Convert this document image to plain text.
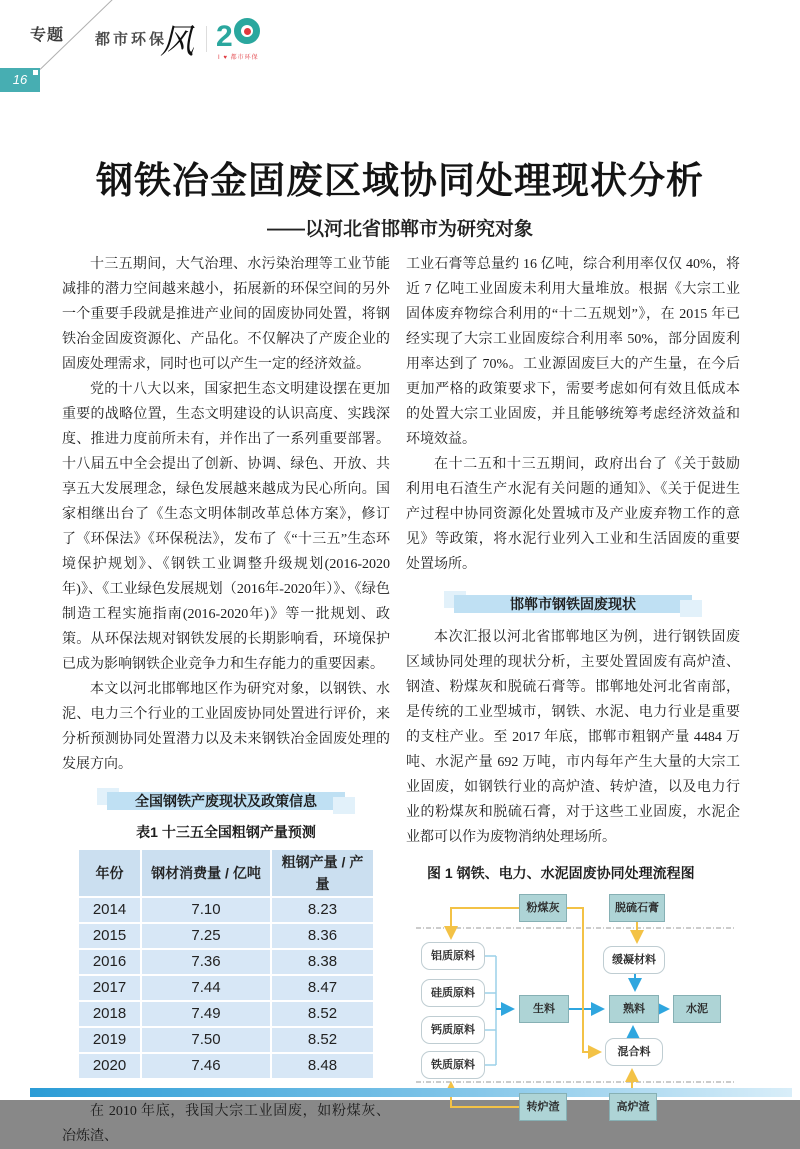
专题
16
都市环保
风 2
I ♥ 都市环保
钢铁冶金固废区域协同处理现状分析
——以河北省邯郸市为研究对象

十三五期间，大气治理、水污染治理等工业节能减排的潜力空间越来越小，拓展新的环保空间的另外一个重要手段就是推进产业间的固废协同处置，将钢铁冶金固废资源化、产品化。不仅解决了产废企业的固废处理需求，同时也可以产生一定的经济效益。

党的十八大以来，国家把生态文明建设摆在更加重要的战略位置，生态文明建设的认识高度、实践深度、推进力度前所未有，并作出了一系列重要部署。十八届五中全会提出了创新、协调、绿色、开放、共享五大发展理念，绿色发展越来越成为民心所向。国家相继出台了《生态文明体制改革总体方案》，修订了《环保法》《环保税法》，发布了《“十三五”生态环境保护规划》、《钢铁工业调整升级规划(2016-2020年)》、《工业绿色发展规划（2016年-2020年）》、《绿色制造工程实施指南(2016-2020年)》等一批规划、政策。从环保法规对钢铁发展的长期影响看，环境保护已成为影响钢铁企业竞争力和生存能力的重要因素。

本文以河北邯郸地区作为研究对象，以钢铁、水泥、电力三个行业的工业固废协同处置进行评价，来分析预测协同处置潜力以及未来钢铁冶金固废处理的发展方向。

全国钢铁产废现状及政策信息
表1 十三五全国粗钢产量预测
年份	钢材消费量 / 亿吨	粗钢产量 / 产量
2014	7.10	8.23
2015	7.25	8.36
2016	7.36	8.38
2017	7.44	8.47
2018	7.49	8.52
2019	7.50	8.52
2020	7.46	8.48

在 2010 年底，我国大宗工业固废，如粉煤灰、冶炼渣、

工业石膏等总量约 16 亿吨，综合利用率仅仅 40%，将近 7 亿吨工业固废未利用大量堆放。根据《大宗工业固体废弃物综合利用的“十二五规划”》，在 2015 年已经实现了大宗工业固废综合利用率 50%，部分固废利用率达到了 70%。工业源固废巨大的产生量，在今后更加严格的政策要求下，需要考虑如何有效且低成本的处置大宗工业固废，并且能够统筹考虑经济效益和环境效益。

在十二五和十三五期间，政府出台了《关于鼓励利用电石渣生产水泥有关问题的通知》、《关于促进生产过程中协同资源化处置城市及产业废弃物工作的意见》等政策，将水泥行业列入工业和生活固废的重要处置场所。

邯郸市钢铁固废现状

本次汇报以河北省邯郸地区为例，进行钢铁固废区域协同处理的现状分析，主要处置固废有高炉渣、钢渣、粉煤灰和脱硫石膏等。邯郸地处河北省南部，是传统的工业型城市，钢铁、水泥、电力行业是重要的支柱产业。至 2017 年底，邯郸市粗钢产量 4484 万吨、水泥产量 692 万吨，市内每年产生大量的大宗工业固废，如钢铁行业的高炉渣、转炉渣，以及电力行业的粉煤灰和脱硫石膏，对于这些工业固废，水泥企业都可以作为废物消纳处理场所。

图 1 钢铁、电力、水泥固废协同处理流程图
粉煤灰	脱硫石膏
铝质原料	缓凝材料
硅质原料
生料	熟料	水泥
钙质原料
铁质原料
混合料
转炉渣	高炉渣
